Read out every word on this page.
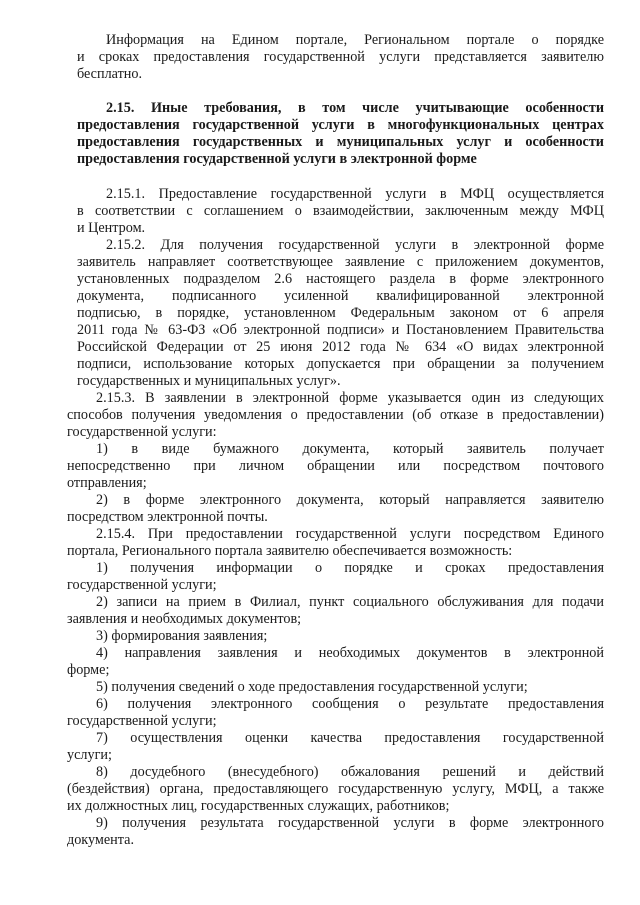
Информация на Едином портале, Региональном портале о порядке
и сроках предоставления государственной услуги представляется заявителю
бесплатно.
2.15. Иные требования, в том числе учитывающие особенности
предоставления государственной услуги в многофункциональных центрах
предоставления государственных и муниципальных услуг и особенности
предоставления государственной услуги в электронной форме
2.15.1. Предоставление государственной услуги в МФЦ осуществляется
в соответствии с соглашением о взаимодействии, заключенным между МФЦ
и Центром.
2.15.2. Для получения государственной услуги в электронной форме
заявитель направляет соответствующее заявление с приложением документов,
установленных подразделом 2.6 настоящего раздела в форме электронного
документа, подписанного усиленной квалифицированной электронной
подписью, в порядке, установленном Федеральным законом от 6 апреля
2011 года № 63-ФЗ «Об электронной подписи» и Постановлением Правительства
Российской Федерации от 25 июня 2012 года № 634 «О видах электронной
подписи, использование которых допускается при обращении за получением
государственных и муниципальных услуг».
2.15.3. В заявлении в электронной форме указывается один из следующих
способов получения уведомления о предоставлении (об отказе в предоставлении)
государственной услуги:
1) в виде бумажного документа, который заявитель получает
непосредственно при личном обращении или посредством почтового
отправления;
2) в форме электронного документа, который направляется заявителю
посредством электронной почты.
2.15.4. При предоставлении государственной услуги посредством Единого
портала, Регионального портала заявителю обеспечивается возможность:
1) получения информации о порядке и сроках предоставления
государственной услуги;
2) записи на прием в Филиал, пункт социального обслуживания для подачи
заявления и необходимых документов;
3) формирования заявления;
4) направления заявления и необходимых документов в электронной
форме;
5) получения сведений о ходе предоставления государственной услуги;
6) получения электронного сообщения о результате предоставления
государственной услуги;
7) осуществления оценки качества предоставления государственной
услуги;
8) досудебного (внесудебного) обжалования решений и действий
(бездействия) органа, предоставляющего государственную услугу, МФЦ, а также
их должностных лиц, государственных служащих, работников;
9) получения результата государственной услуги в форме электронного
документа.
